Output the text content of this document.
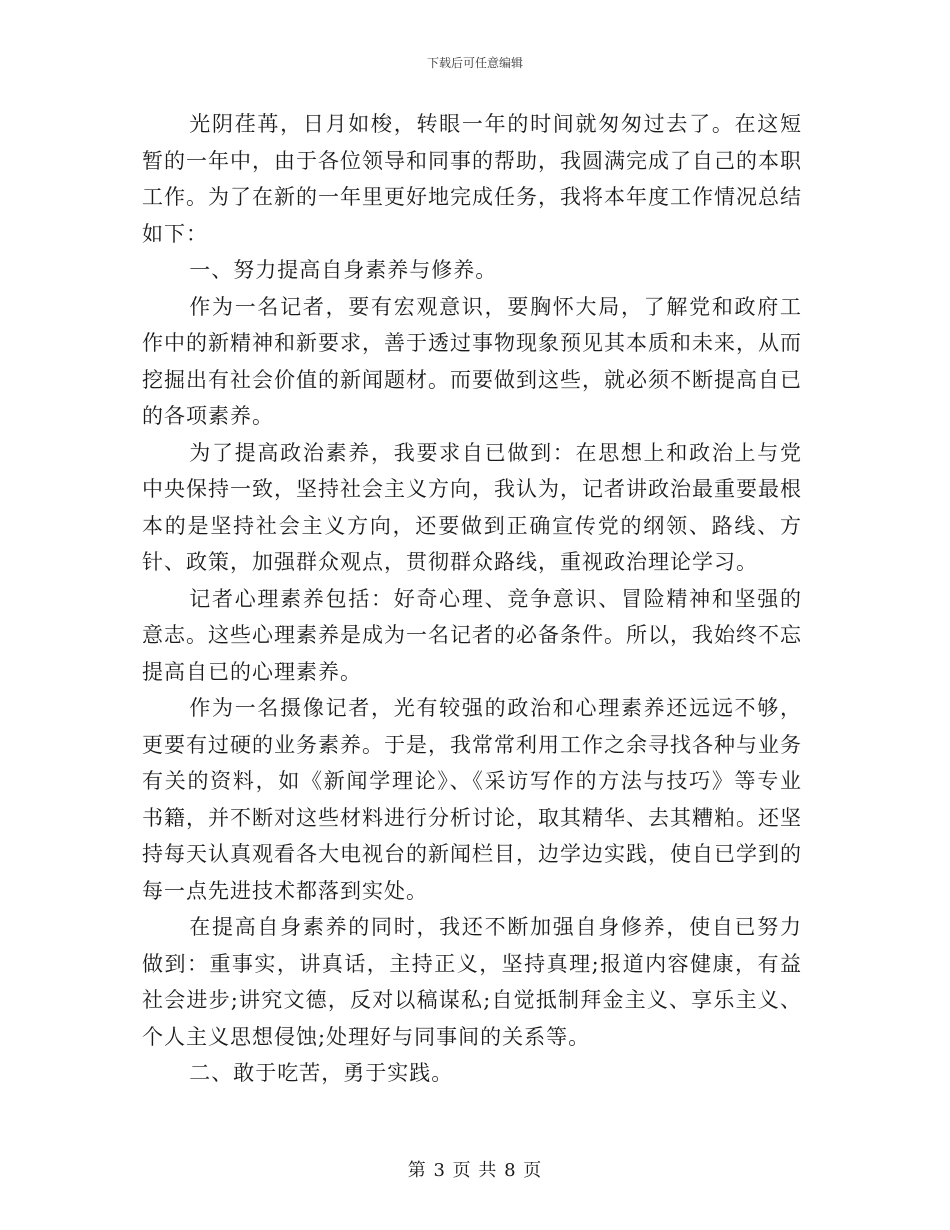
下载后可任意编辑

光阴荏苒，日月如梭，转眼一年的时间就匆匆过去了。在这短暂的一年中，由于各位领导和同事的帮助，我圆满完成了自己的本职工作。为了在新的一年里更好地完成任务，我将本年度工作情况总结如下：

一、努力提高自身素养与修养。

作为一名记者，要有宏观意识，要胸怀大局，了解党和政府工作中的新精神和新要求，善于透过事物现象预见其本质和未来，从而挖掘出有社会价值的新闻题材。而要做到这些，就必须不断提高自已的各项素养。

为了提高政治素养，我要求自已做到：在思想上和政治上与党中央保持一致，坚持社会主义方向，我认为，记者讲政治最重要最根本的是坚持社会主义方向，还要做到正确宣传党的纲领、路线、方针、政策，加强群众观点，贯彻群众路线，重视政治理论学习。

记者心理素养包括：好奇心理、竞争意识、冒险精神和坚强的意志。这些心理素养是成为一名记者的必备条件。所以，我始终不忘提高自已的心理素养。

作为一名摄像记者，光有较强的政治和心理素养还远远不够，更要有过硬的业务素养。于是，我常常利用工作之余寻找各种与业务有关的资料，如《新闻学理论》、《采访写作的方法与技巧》等专业书籍，并不断对这些材料进行分析讨论，取其精华、去其糟粕。还坚持每天认真观看各大电视台的新闻栏目，边学边实践，使自已学到的每一点先进技术都落到实处。

在提高自身素养的同时，我还不断加强自身修养，使自已努力做到：重事实，讲真话，主持正义，坚持真理;报道内容健康，有益社会进步;讲究文德，反对以稿谋私;自觉抵制拜金主义、享乐主义、个人主义思想侵蚀;处理好与同事间的关系等。

二、敢于吃苦，勇于实践。

第 3 页 共 8 页
